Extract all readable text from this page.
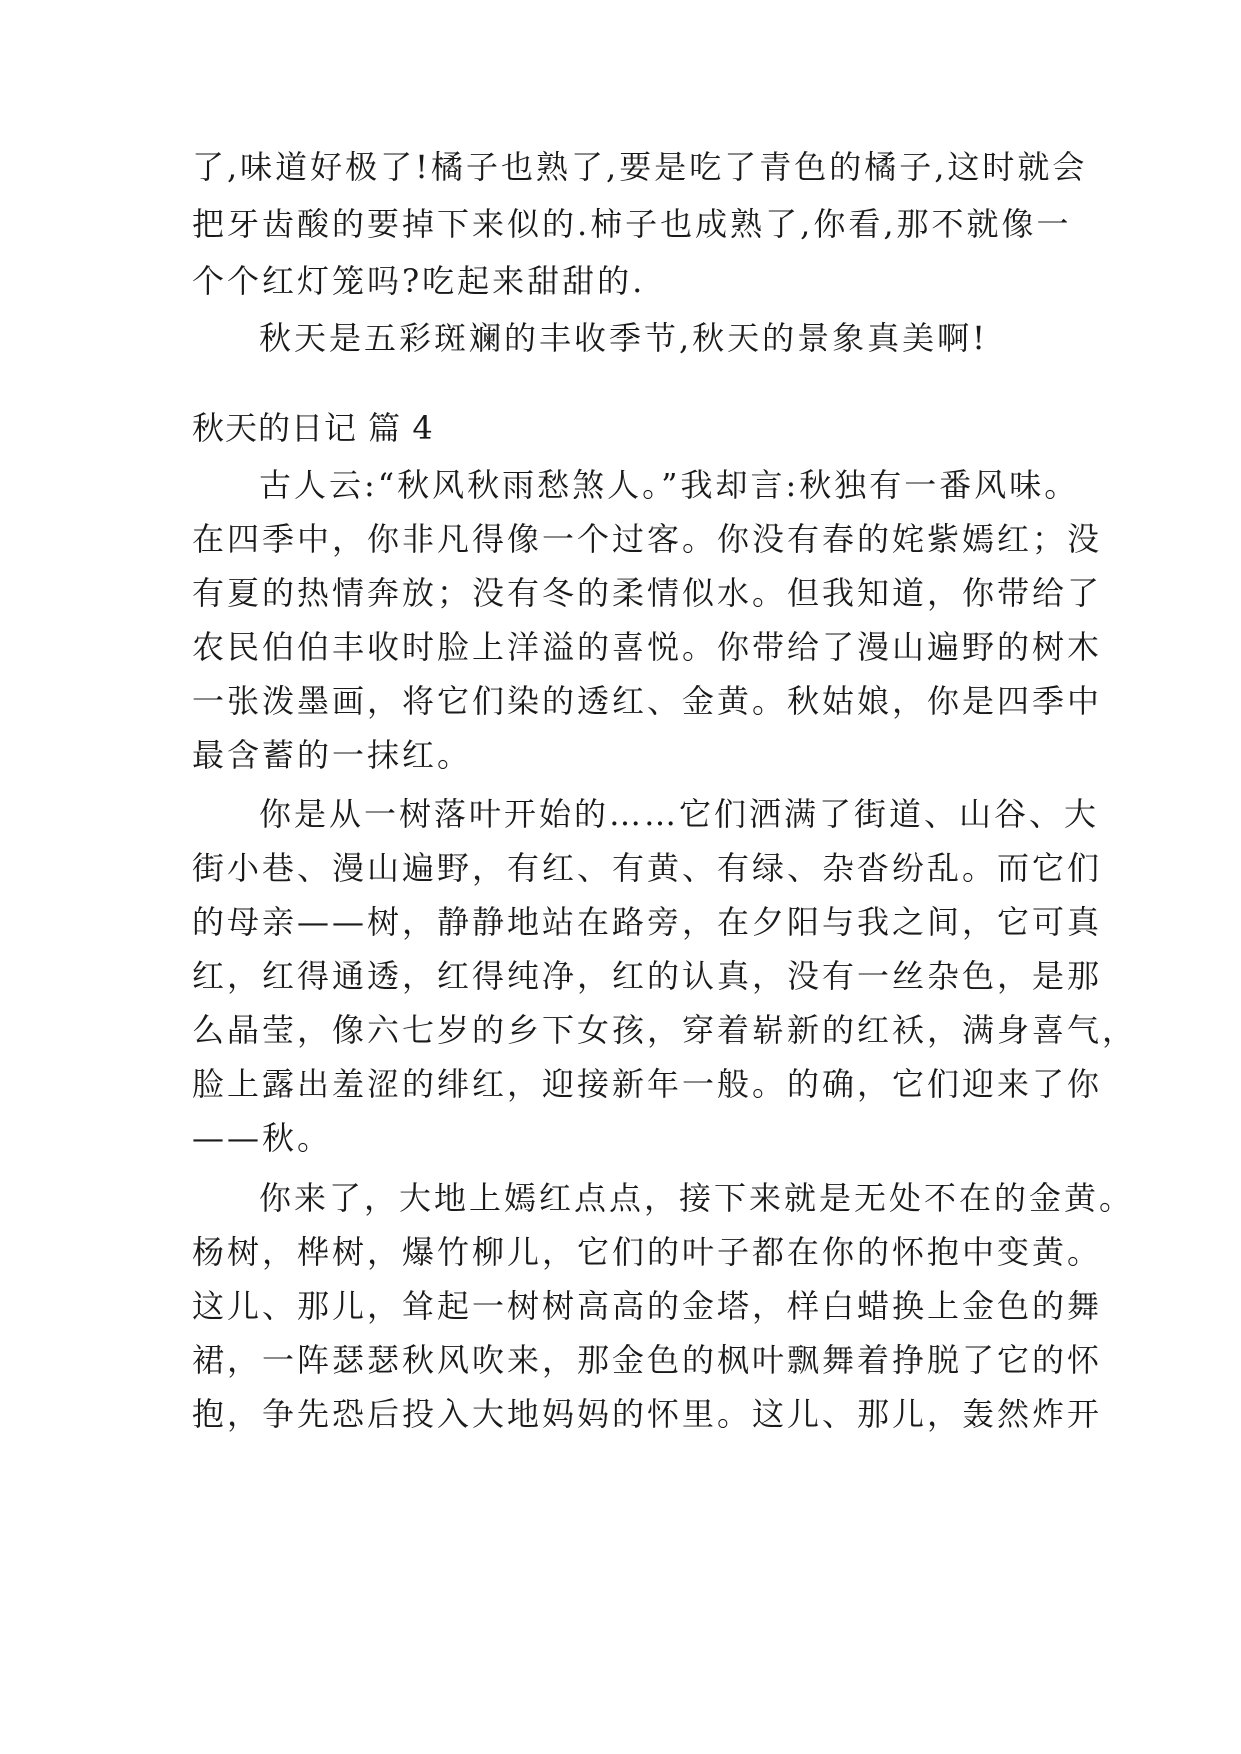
了,味道好极了!橘子也熟了,要是吃了青色的橘子,这时就会
把牙齿酸的要掉下来似的.柿子也成熟了,你看,那不就像一
个个红灯笼吗?吃起来甜甜的.
秋天是五彩斑斓的丰收季节,秋天的景象真美啊!
秋天的日记 篇 4
古人云:“秋风秋雨愁煞人。”我却言:秋独有一番风味。
在四季中，你非凡得像一个过客。你没有春的姹紫嫣红；没
有夏的热情奔放；没有冬的柔情似水。但我知道，你带给了
农民伯伯丰收时脸上洋溢的喜悦。你带给了漫山遍野的树木
一张泼墨画，将它们染的透红、金黄。秋姑娘，你是四季中
最含蓄的一抹红。
你是从一树落叶开始的……它们洒满了街道、山谷、大
街小巷、漫山遍野，有红、有黄、有绿、杂沓纷乱。而它们
的母亲——树，静静地站在路旁，在夕阳与我之间，它可真
红，红得通透，红得纯净，红的认真，没有一丝杂色，是那
么晶莹，像六七岁的乡下女孩，穿着崭新的红袄，满身喜气，
脸上露出羞涩的绯红，迎接新年一般。的确，它们迎来了你
——秋。
你来了，大地上嫣红点点，接下来就是无处不在的金黄。
杨树，桦树，爆竹柳儿，它们的叶子都在你的怀抱中变黄。
这儿、那儿，耸起一树树高高的金塔，样白蜡换上金色的舞
裙，一阵瑟瑟秋风吹来，那金色的枫叶飘舞着挣脱了它的怀
抱，争先恐后投入大地妈妈的怀里。这儿、那儿，轰然炸开
